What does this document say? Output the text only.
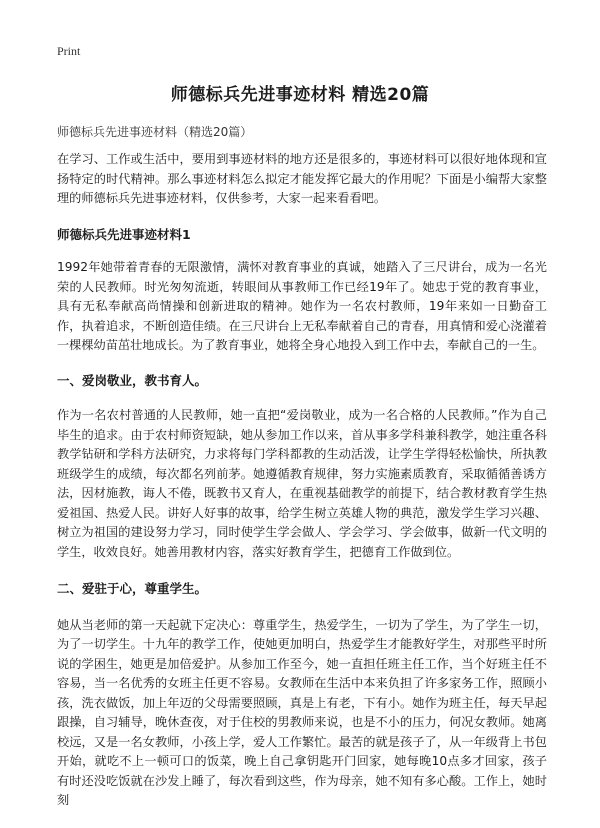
Print
师德标兵先进事迹材料 精选20篇
师德标兵先进事迹材料（精选20篇）

在学习、工作或生活中，要用到事迹材料的地方还是很多的，事迹材料可以很好地体现和宣扬特定的时代精神。那么事迹材料怎么拟定才能发挥它最大的作用呢？下面是小编帮大家整理的师德标兵先进事迹材料，仅供参考，大家一起来看看吧。

师德标兵先进事迹材料1

1992年她带着青春的无限激情，满怀对教育事业的真诚，她踏入了三尺讲台，成为一名光荣的人民教师。时光匆匆流逝，转眼间从事教师工作已经19年了。她忠于党的教育事业，具有无私奉献高尚情操和创新进取的精神。她作为一名农村教师，19年来如一日勤奋工作，执着追求，不断创造佳绩。在三尺讲台上无私奉献着自己的青春，用真情和爱心浇灌着一棵棵幼苗茁壮地成长。为了教育事业，她将全身心地投入到工作中去，奉献自己的一生。

一、爱岗敬业，教书育人。

作为一名农村普通的人民教师，她一直把“爱岗敬业，成为一名合格的人民教师。”作为自己毕生的追求。由于农村师资短缺，她从参加工作以来，首从事多学科兼科教学，她注重各科教学钻研和学科方法研究，力求将每门学科都教的生动活泼，让学生学得轻松愉快，所执教班级学生的成绩，每次都名列前茅。她遵循教育规律，努力实施素质教育，采取循循善诱方法，因材施教，诲人不倦，既教书又育人，在重视基础教学的前提下，结合教材教育学生热爱祖国、热爱人民。讲好人好事的故事，给学生树立英雄人物的典范，激发学生学习兴趣、树立为祖国的建设努力学习，同时使学生学会做人、学会学习、学会做事，做新一代文明的学生，收效良好。她善用教材内容，落实好教育学生，把德育工作做到位。

二、爱驻于心，尊重学生。

她从当老师的第一天起就下定决心：尊重学生，热爱学生，一切为了学生，为了学生一切，为了一切学生。十九年的教学工作，使她更加明白，热爱学生才能教好学生，对那些平时所说的学困生，她更是加倍爱护。从参加工作至今，她一直担任班主任工作，当个好班主任不容易，当一名优秀的女班主任更不容易。女教师在生活中本来负担了许多家务工作，照顾小孩，洗衣做饭，加上年迈的父母需要照顾，真是上有老，下有小。她作为班主任，每天早起跟操，自习辅导，晚休查夜，对于住校的男教师来说，也是不小的压力，何况女教师。她离校远，又是一名女教师，小孩上学，爱人工作繁忙。最苦的就是孩子了，从一年级背上书包开始，就吃不上一顿可口的饭菜，晚上自己拿钥匙开门回家，她每晚10点多才回家，孩子有时还没吃饭就在沙发上睡了，每次看到这些，作为母亲，她不知有多心酸。工作上，她时刻
